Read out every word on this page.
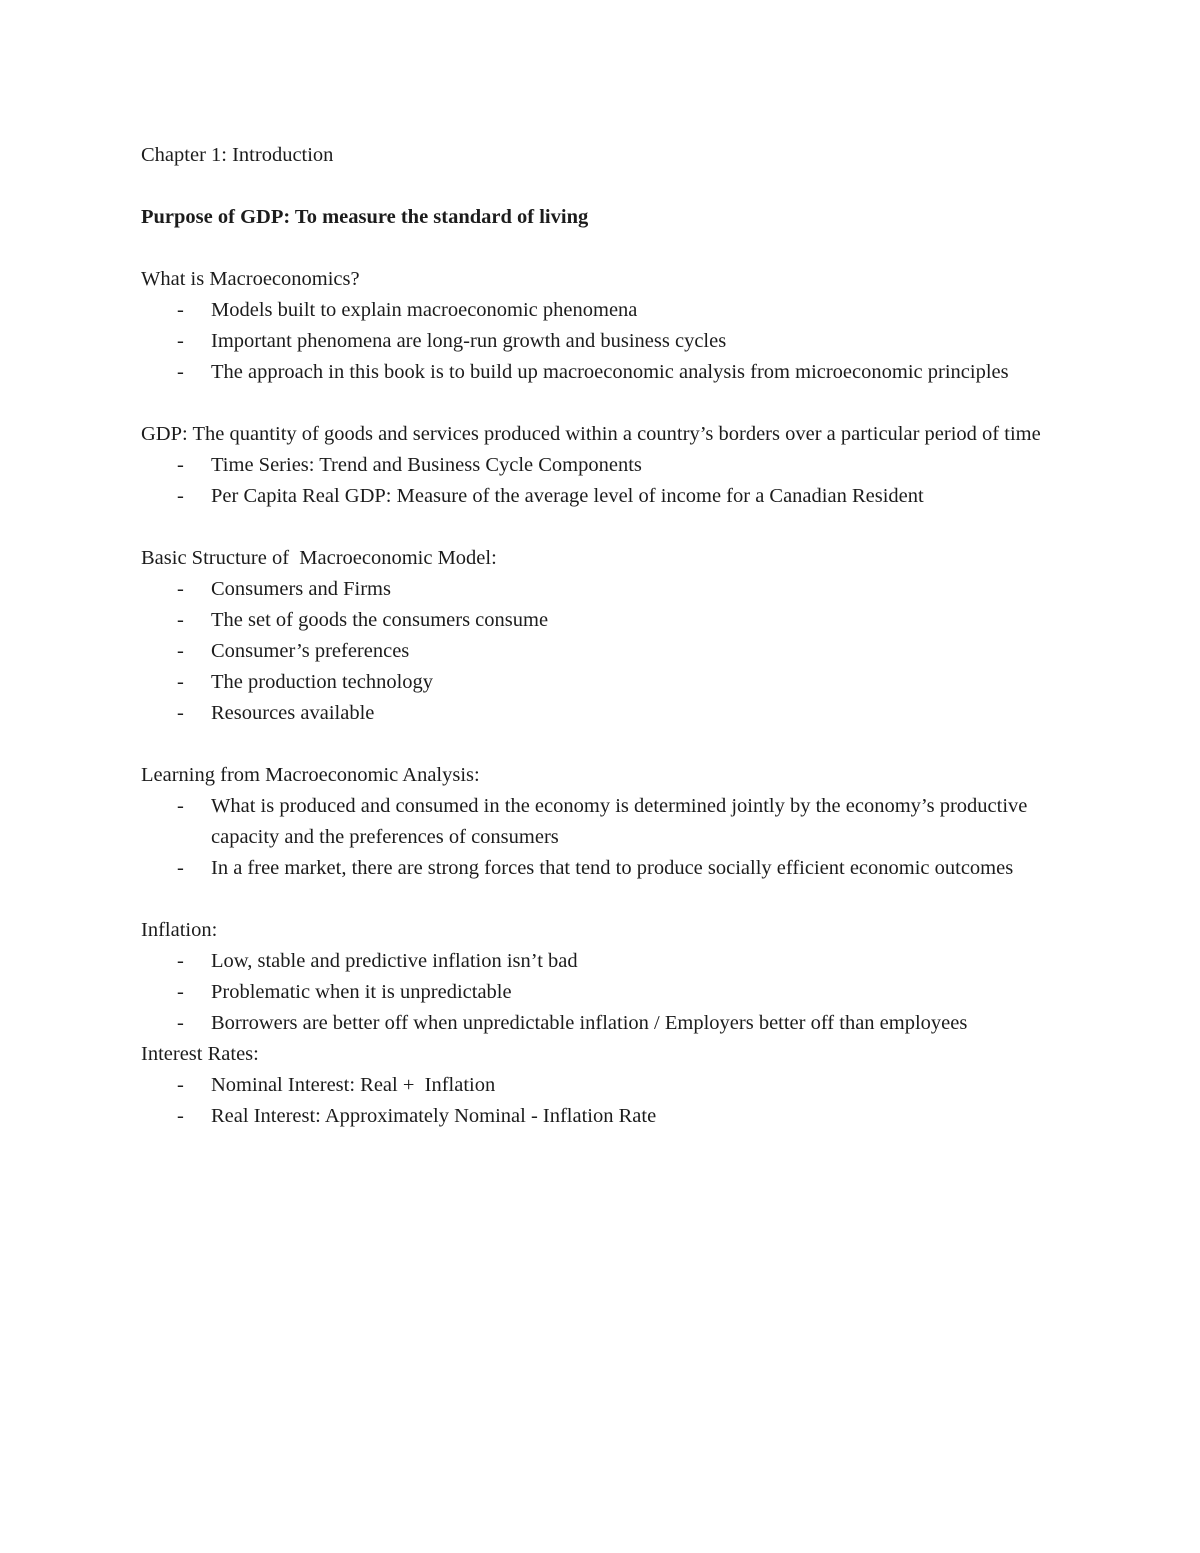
Chapter 1: Introduction

Purpose of GDP: To measure the standard of living

What is Macroeconomics?

- Models built to explain macroeconomic phenomena
- Important phenomena are long-run growth and business cycles
- The approach in this book is to build up macroeconomic analysis from microeconomic principles

GDP: The quantity of goods and services produced within a country’s borders over a particular period of time

- Time Series: Trend and Business Cycle Components
- Per Capita Real GDP: Measure of the average level of income for a Canadian Resident

Basic Structure of  Macroeconomic Model:

- Consumers and Firms
- The set of goods the consumers consume
- Consumer’s preferences
- The production technology
- Resources available

Learning from Macroeconomic Analysis:

- What is produced and consumed in the economy is determined jointly by the economy’s productive capacity and the preferences of consumers
- In a free market, there are strong forces that tend to produce socially efficient economic outcomes

Inflation:

- Low, stable and predictive inflation isn’t bad
- Problematic when it is unpredictable
- Borrowers are better off when unpredictable inflation / Employers better off than employees

Interest Rates:

- Nominal Interest: Real +  Inflation
- Real Interest: Approximately Nominal - Inflation Rate
